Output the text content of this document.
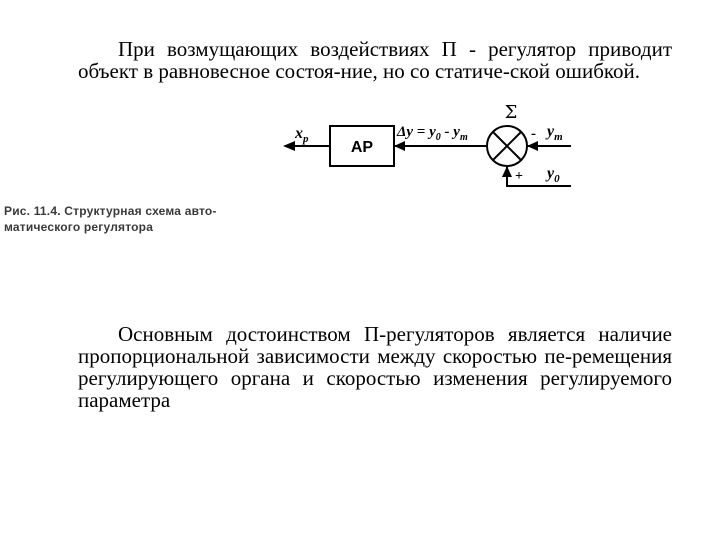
При возмущающих воздействиях П - регулятор приводит объект в равновесное состоя-ние, но со статиче-ской ошибкой.
$x_р$	АР
$\Delta y = y_0 - y_т$
Σ
- $y_т$
+ $y_0$
Рис. 11.4. Структурная схема авто-
матического регулятора
Основным достоинством П-регуляторов является наличие пропорциональной зависимости между скоростью пе-ремещения регулирующего органа и скоростью изменения регулируемого параметра
